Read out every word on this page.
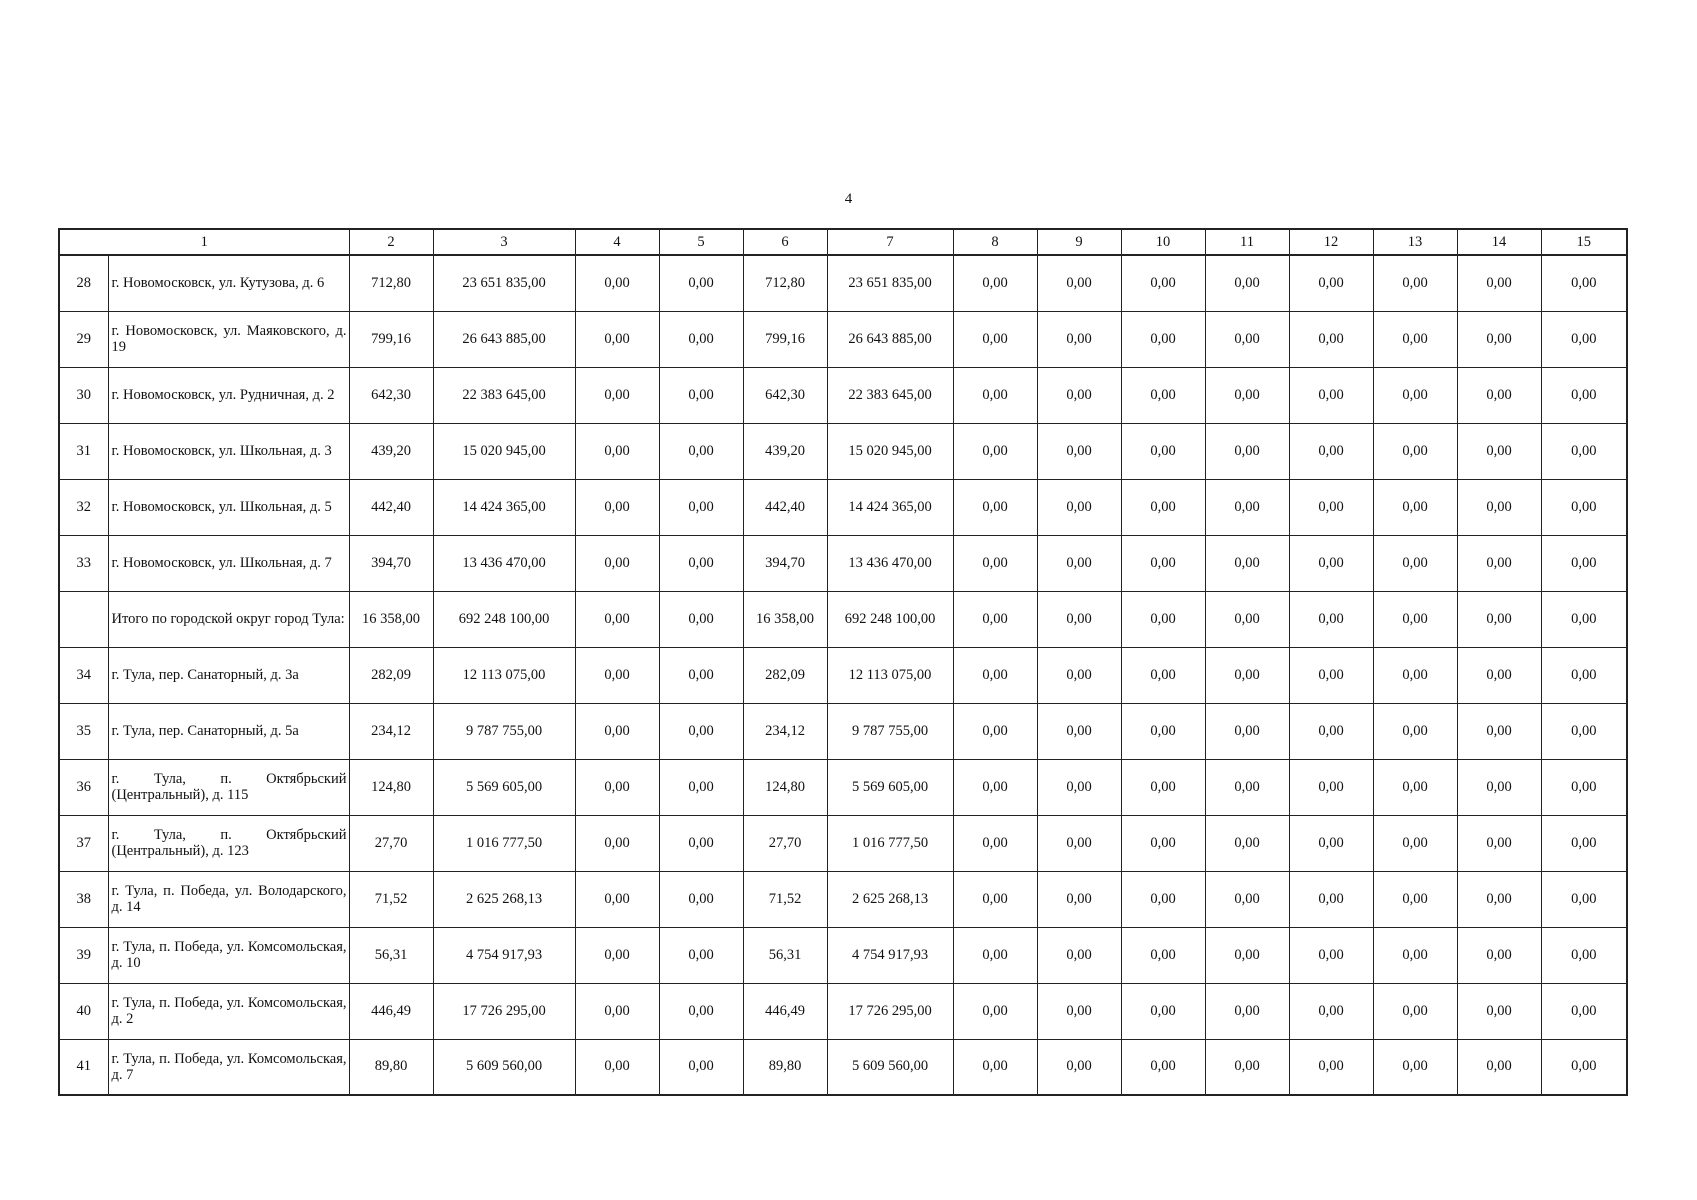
4
1		2	3	4	5	6	7	8	9	10	11	12	13	14	15
28	г. Новомосковск, ул. Кутузова, д. 6	712,80	23 651 835,00	0,00	0,00	712,80	23 651 835,00	0,00	0,00	0,00	0,00	0,00	0,00	0,00	0,00
29	г. Новомосковск, ул. Маяковского, д. 19	799,16	26 643 885,00	0,00	0,00	799,16	26 643 885,00	0,00	0,00	0,00	0,00	0,00	0,00	0,00	0,00
30	г. Новомосковск, ул. Рудничная, д. 2	642,30	22 383 645,00	0,00	0,00	642,30	22 383 645,00	0,00	0,00	0,00	0,00	0,00	0,00	0,00	0,00
31	г. Новомосковск, ул. Школьная, д. 3	439,20	15 020 945,00	0,00	0,00	439,20	15 020 945,00	0,00	0,00	0,00	0,00	0,00	0,00	0,00	0,00
32	г. Новомосковск, ул. Школьная, д. 5	442,40	14 424 365,00	0,00	0,00	442,40	14 424 365,00	0,00	0,00	0,00	0,00	0,00	0,00	0,00	0,00
33	г. Новомосковск, ул. Школьная, д. 7	394,70	13 436 470,00	0,00	0,00	394,70	13 436 470,00	0,00	0,00	0,00	0,00	0,00	0,00	0,00	0,00
	Итого по городской округ город Тула:	16 358,00	692 248 100,00	0,00	0,00	16 358,00	692 248 100,00	0,00	0,00	0,00	0,00	0,00	0,00	0,00	0,00
34	г. Тула, пер. Санаторный, д. 3а	282,09	12 113 075,00	0,00	0,00	282,09	12 113 075,00	0,00	0,00	0,00	0,00	0,00	0,00	0,00	0,00
35	г. Тула, пер. Санаторный, д. 5а	234,12	9 787 755,00	0,00	0,00	234,12	9 787 755,00	0,00	0,00	0,00	0,00	0,00	0,00	0,00	0,00
36	г. Тула, п. Октябрьский (Центральный), д. 115	124,80	5 569 605,00	0,00	0,00	124,80	5 569 605,00	0,00	0,00	0,00	0,00	0,00	0,00	0,00	0,00
37	г. Тула, п. Октябрьский (Центральный), д. 123	27,70	1 016 777,50	0,00	0,00	27,70	1 016 777,50	0,00	0,00	0,00	0,00	0,00	0,00	0,00	0,00
38	г. Тула, п. Победа, ул. Володарского, д. 14	71,52	2 625 268,13	0,00	0,00	71,52	2 625 268,13	0,00	0,00	0,00	0,00	0,00	0,00	0,00	0,00
39	г. Тула, п. Победа, ул. Комсомольская, д. 10	56,31	4 754 917,93	0,00	0,00	56,31	4 754 917,93	0,00	0,00	0,00	0,00	0,00	0,00	0,00	0,00
40	г. Тула, п. Победа, ул. Комсомольская, д. 2	446,49	17 726 295,00	0,00	0,00	446,49	17 726 295,00	0,00	0,00	0,00	0,00	0,00	0,00	0,00	0,00
41	г. Тула, п. Победа, ул. Комсомольская, д. 7	89,80	5 609 560,00	0,00	0,00	89,80	5 609 560,00	0,00	0,00	0,00	0,00	0,00	0,00	0,00	0,00
